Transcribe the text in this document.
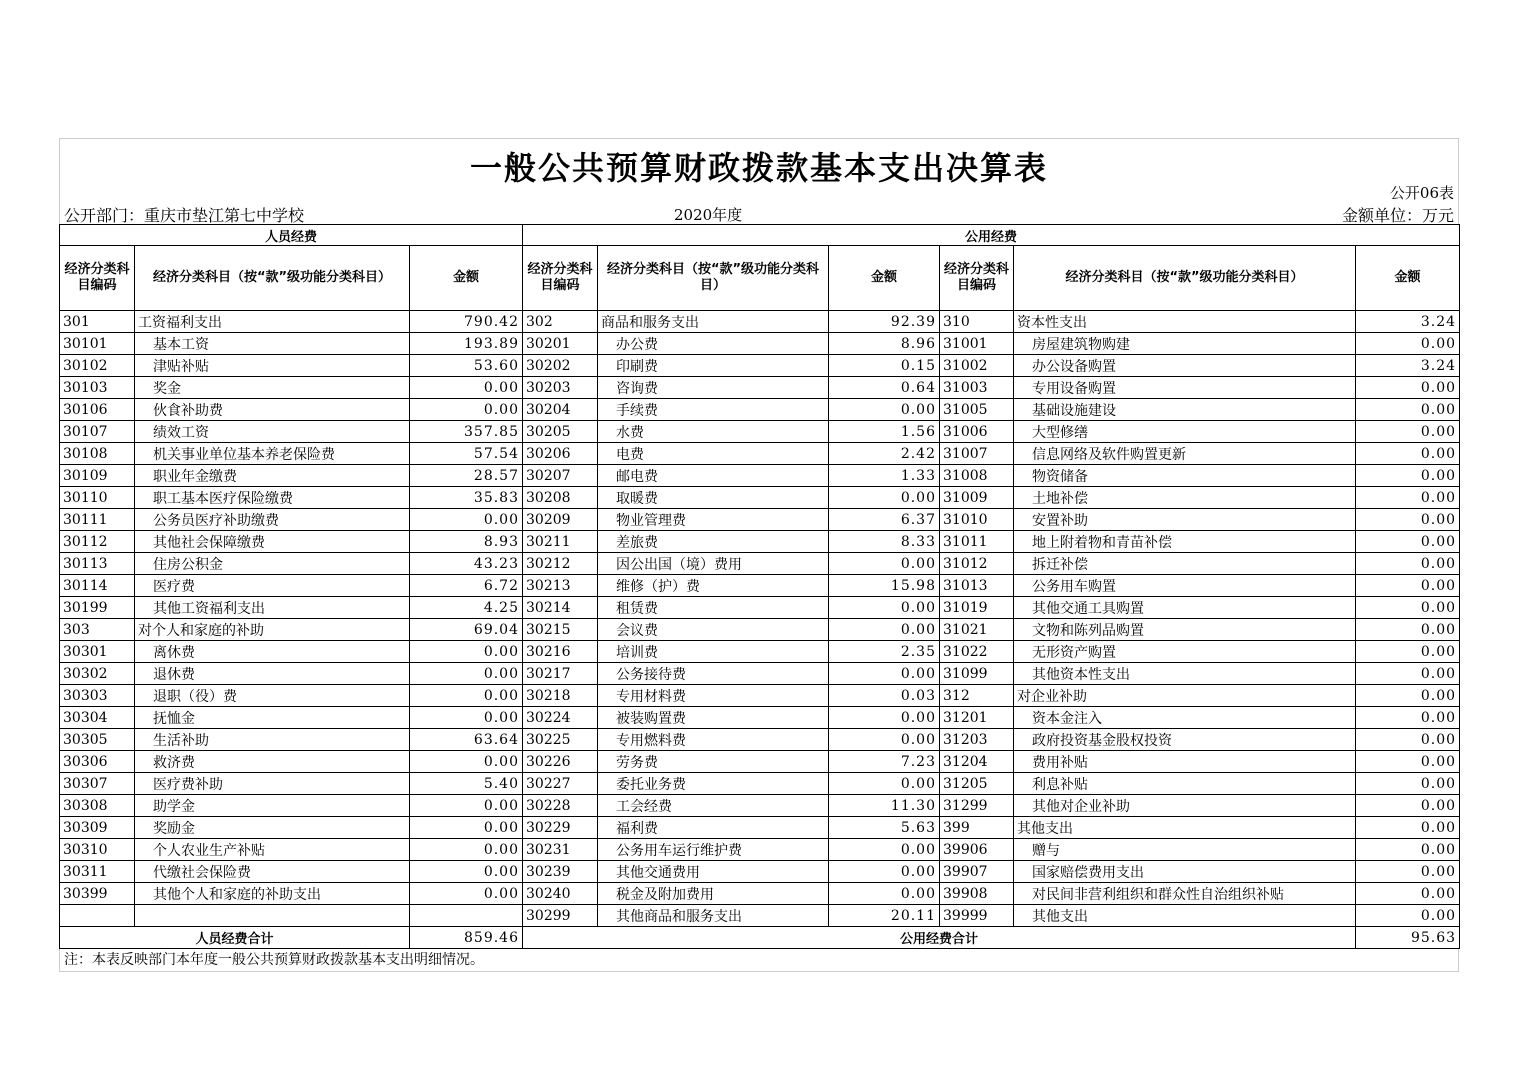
一般公共预算财政拨款基本支出决算表
公开06表
公开部门：重庆市垫江第七中学校	2020年度	金额单位：万元
人员经费			公用经费					
经济分类科目编码	经济分类科目（按“款”级功能分类科目）	金额	经济分类科目编码	经济分类科目（按“款”级功能分类科目）	金额	经济分类科目编码	经济分类科目（按“款”级功能分类科目）	金额
301	工资福利支出	790.42	302	商品和服务支出	92.39	310	资本性支出	3.24
30101	基本工资	193.89	30201	办公费	8.96	31001	房屋建筑物购建	0.00
30102	津贴补贴	53.60	30202	印刷费	0.15	31002	办公设备购置	3.24
30103	奖金	0.00	30203	咨询费	0.64	31003	专用设备购置	0.00
30106	伙食补助费	0.00	30204	手续费	0.00	31005	基础设施建设	0.00
30107	绩效工资	357.85	30205	水费	1.56	31006	大型修缮	0.00
30108	机关事业单位基本养老保险费	57.54	30206	电费	2.42	31007	信息网络及软件购置更新	0.00
30109	职业年金缴费	28.57	30207	邮电费	1.33	31008	物资储备	0.00
30110	职工基本医疗保险缴费	35.83	30208	取暖费	0.00	31009	土地补偿	0.00
30111	公务员医疗补助缴费	0.00	30209	物业管理费	6.37	31010	安置补助	0.00
30112	其他社会保障缴费	8.93	30211	差旅费	8.33	31011	地上附着物和青苗补偿	0.00
30113	住房公积金	43.23	30212	因公出国（境）费用	0.00	31012	拆迁补偿	0.00
30114	医疗费	6.72	30213	维修（护）费	15.98	31013	公务用车购置	0.00
30199	其他工资福利支出	4.25	30214	租赁费	0.00	31019	其他交通工具购置	0.00
303	对个人和家庭的补助	69.04	30215	会议费	0.00	31021	文物和陈列品购置	0.00
30301	离休费	0.00	30216	培训费	2.35	31022	无形资产购置	0.00
30302	退休费	0.00	30217	公务接待费	0.00	31099	其他资本性支出	0.00
30303	退职（役）费	0.00	30218	专用材料费	0.03	312	对企业补助	0.00
30304	抚恤金	0.00	30224	被装购置费	0.00	31201	资本金注入	0.00
30305	生活补助	63.64	30225	专用燃料费	0.00	31203	政府投资基金股权投资	0.00
30306	救济费	0.00	30226	劳务费	7.23	31204	费用补贴	0.00
30307	医疗费补助	5.40	30227	委托业务费	0.00	31205	利息补贴	0.00
30308	助学金	0.00	30228	工会经费	11.30	31299	其他对企业补助	0.00
30309	奖励金	0.00	30229	福利费	5.63	399	其他支出	0.00
30310	个人农业生产补贴	0.00	30231	公务用车运行维护费	0.00	39906	赠与	0.00
30311	代缴社会保险费	0.00	30239	其他交通费用	0.00	39907	国家赔偿费用支出	0.00
30399	其他个人和家庭的补助支出	0.00	30240	税金及附加费用	0.00	39908	对民间非营利组织和群众性自治组织补贴	0.00
			30299	其他商品和服务支出	20.11	39999	其他支出	0.00
人员经费合计		859.46	公用经费合计					95.63
注：本表反映部门本年度一般公共预算财政拨款基本支出明细情况。
